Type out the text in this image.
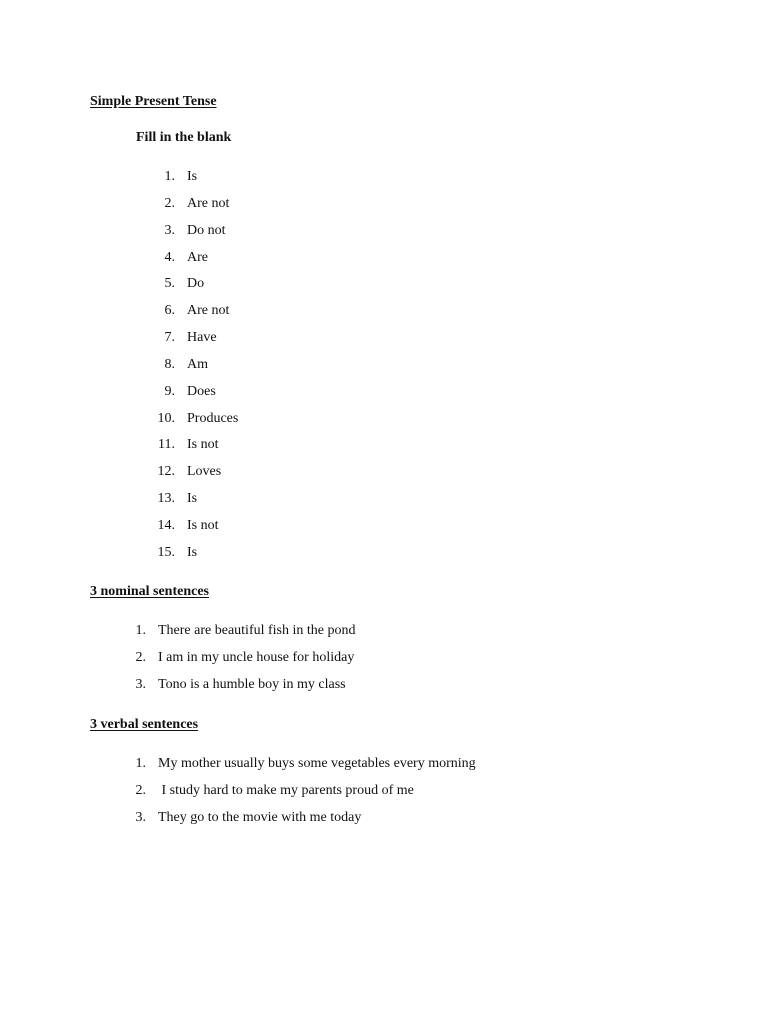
Simple Present Tense
Fill in the blank
1. Is
2. Are not
3. Do not
4. Are
5. Do
6. Are not
7. Have
8. Am
9. Does
10. Produces
11. Is not
12. Loves
13. Is
14. Is not
15. Is
3 nominal sentences
1. There are beautiful fish in the pond
2. I am in my uncle house for holiday
3. Tono is a humble boy in my class
3 verbal sentences
1. My mother usually buys some vegetables every morning
2. I study hard to make my parents proud of me
3. They go to the movie with me today
